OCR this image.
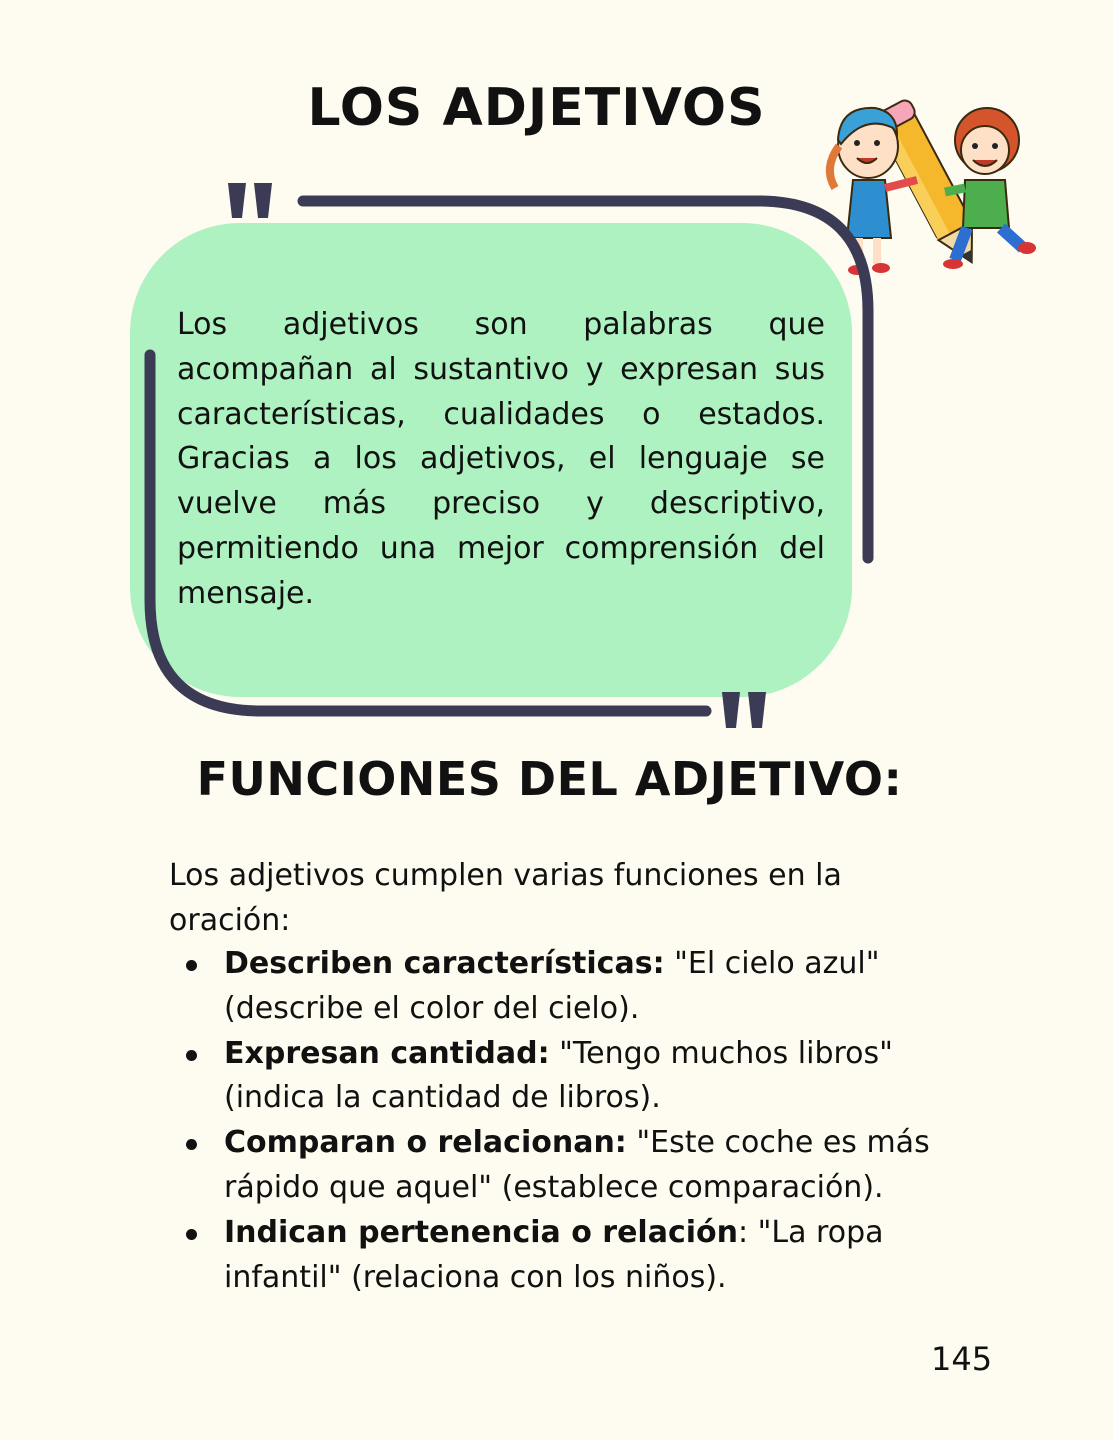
LOS ADJETIVOS

Los adjetivos son palabras que acompañan al sustantivo y expresan sus características, cualidades o estados. Gracias a los adjetivos, el lenguaje se vuelve más preciso y descriptivo, permitiendo una mejor comprensión del mensaje.

FUNCIONES DEL ADJETIVO:

Los adjetivos cumplen varias funciones en la oración:

Describen características: "El cielo azul" (describe el color del cielo).
Expresan cantidad: "Tengo muchos libros" (indica la cantidad de libros).
Comparan o relacionan: "Este coche es más rápido que aquel" (establece comparación).
Indican pertenencia o relación: "La ropa infantil" (relaciona con los niños).

145
